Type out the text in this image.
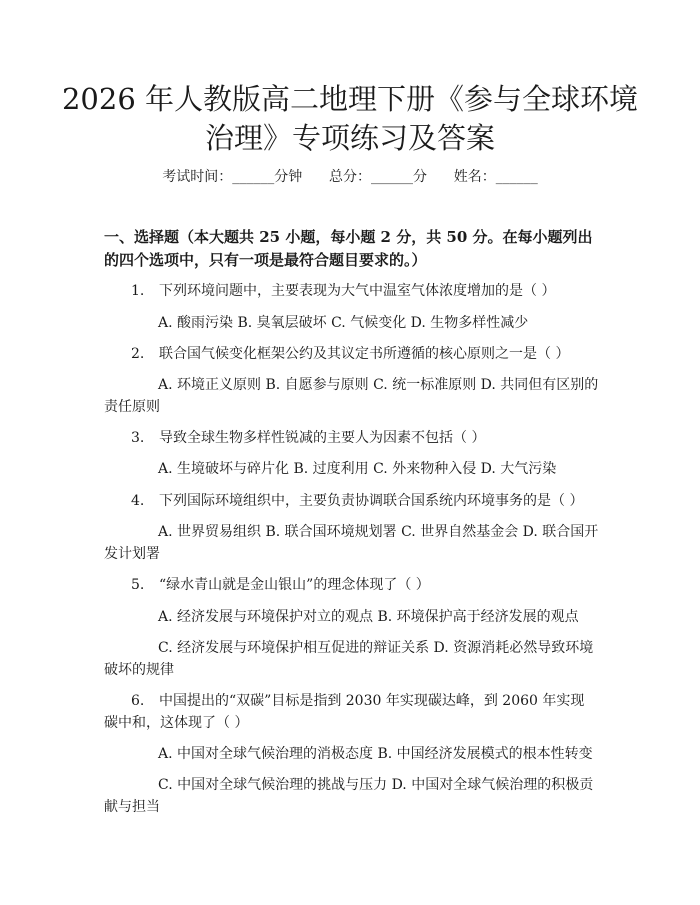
2026 年人教版高二地理下册《参与全球环境
治理》专项练习及答案
考试时间：______分钟      总分：______分      姓名：______

一、选择题（本大题共 25 小题，每小题 2 分，共 50 分。在每小题列出的四个选项中，只有一项是最符合题目要求的。）

1. 下列环境问题中，主要表现为大气中温室气体浓度增加的是（ ）

A. 酸雨污染 B. 臭氧层破坏 C. 气候变化 D. 生物多样性减少

2. 联合国气候变化框架公约及其议定书所遵循的核心原则之一是（ ）

A. 环境正义原则 B. 自愿参与原则 C. 统一标准原则 D. 共同但有区别的责任原则

3. 导致全球生物多样性锐减的主要人为因素不包括（ ）

A. 生境破坏与碎片化 B. 过度利用 C. 外来物种入侵 D. 大气污染

4. 下列国际环境组织中，主要负责协调联合国系统内环境事务的是（ ）

A. 世界贸易组织 B. 联合国环境规划署 C. 世界自然基金会 D. 联合国开发计划署

5. “绿水青山就是金山银山”的理念体现了（ ）

A. 经济发展与环境保护对立的观点 B. 环境保护高于经济发展的观点

C. 经济发展与环境保护相互促进的辩证关系 D. 资源消耗必然导致环境破坏的规律

6. 中国提出的“双碳”目标是指到 2030 年实现碳达峰，到 2060 年实现碳中和，这体现了（ ）

A. 中国对全球气候治理的消极态度 B. 中国经济发展模式的根本性转变

C. 中国对全球气候治理的挑战与压力 D. 中国对全球气候治理的积极贡献与担当
